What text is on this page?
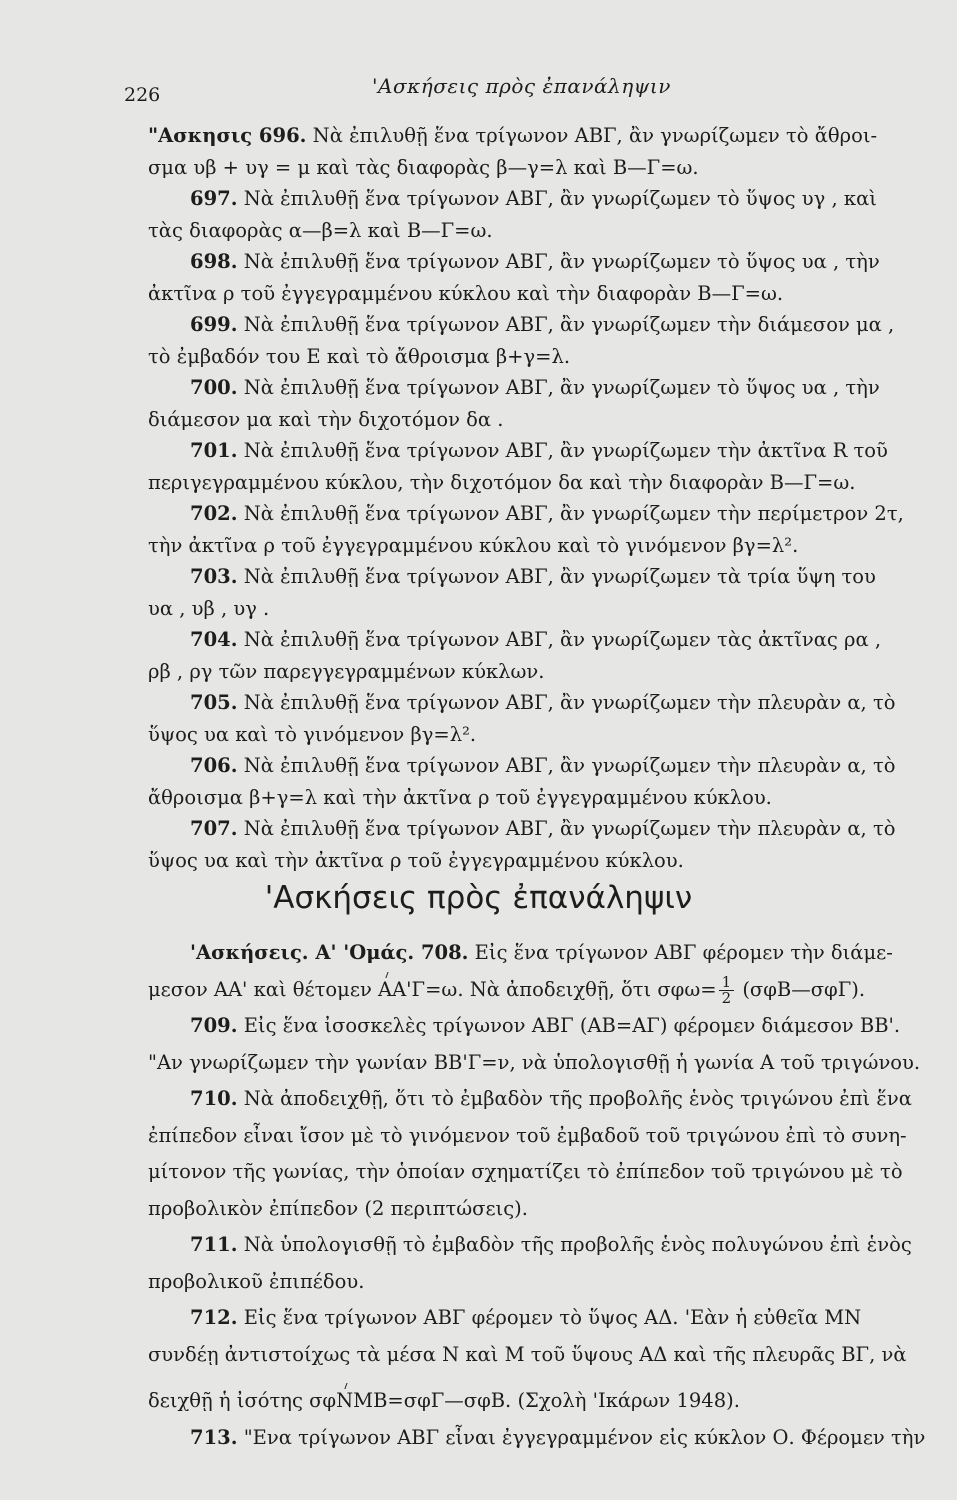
226	'Ασκήσεις πρὸς ἐπανάληψιν
"Ασκησις 696. Νὰ ἐπιλυθῇ ἕνα τρίγωνον ΑΒΓ, ἂν γνωρίζωμεν τὸ ἄθροι-
σμα υβ + υγ = μ καὶ τὰς διαφορὰς β—γ=λ καὶ Β—Γ=ω.
697. Νὰ ἐπιλυθῇ ἕνα τρίγωνον ΑΒΓ, ἂν γνωρίζωμεν τὸ ὕψος υγ , καὶ
τὰς διαφορὰς α—β=λ καὶ Β—Γ=ω.
698. Νὰ ἐπιλυθῇ ἕνα τρίγωνον ΑΒΓ, ἂν γνωρίζωμεν τὸ ὕψος υα , τὴν
ἀκτῖνα ρ τοῦ ἐγγεγραμμένου κύκλου καὶ τὴν διαφορὰν Β—Γ=ω.
699. Νὰ ἐπιλυθῇ ἕνα τρίγωνον ΑΒΓ, ἂν γνωρίζωμεν τὴν διάμεσον μα ,
τὸ ἐμβαδόν του Ε καὶ τὸ ἄθροισμα β+γ=λ.
700. Νὰ ἐπιλυθῇ ἕνα τρίγωνον ΑΒΓ, ἂν γνωρίζωμεν τὸ ὕψος υα , τὴν
διάμεσον μα καὶ τὴν διχοτόμον δα .
701. Νὰ ἐπιλυθῇ ἕνα τρίγωνον ΑΒΓ, ἂν γνωρίζωμεν τὴν ἀκτῖνα R τοῦ
περιγεγραμμένου κύκλου, τὴν διχοτόμον δα καὶ τὴν διαφορὰν Β—Γ=ω.
702. Νὰ ἐπιλυθῇ ἕνα τρίγωνον ΑΒΓ, ἂν γνωρίζωμεν τὴν περίμετρον 2τ,
τὴν ἀκτῖνα ρ τοῦ ἐγγεγραμμένου κύκλου καὶ τὸ γινόμενον βγ=λ².
703. Νὰ ἐπιλυθῇ ἕνα τρίγωνον ΑΒΓ, ἂν γνωρίζωμεν τὰ τρία ὕψη του
υα , υβ , υγ .
704. Νὰ ἐπιλυθῇ ἕνα τρίγωνον ΑΒΓ, ἂν γνωρίζωμεν τὰς ἀκτῖνας ρα ,
ρβ , ργ τῶν παρεγγεγραμμένων κύκλων.
705. Νὰ ἐπιλυθῇ ἕνα τρίγωνον ΑΒΓ, ἂν γνωρίζωμεν τὴν πλευρὰν α, τὸ
ὕψος υα καὶ τὸ γινόμενον βγ=λ².
706. Νὰ ἐπιλυθῇ ἕνα τρίγωνον ΑΒΓ, ἂν γνωρίζωμεν τὴν πλευρὰν α, τὸ
ἄθροισμα β+γ=λ καὶ τὴν ἀκτῖνα ρ τοῦ ἐγγεγραμμένου κύκλου.
707. Νὰ ἐπιλυθῇ ἕνα τρίγωνον ΑΒΓ, ἂν γνωρίζωμεν τὴν πλευρὰν α, τὸ
ὕψος υα καὶ τὴν ἀκτῖνα ρ τοῦ ἐγγεγραμμένου κύκλου.
'Ασκήσεις πρὸς ἐπανάληψιν
'Ασκήσεις. Α' 'Ομάς. 708. Εἰς ἕνα τρίγωνον ΑΒΓ φέρομεν τὴν διάμε-
μεσον ΑΑ' καὶ θέτομεν ΑΑ'Γ=ω. Νὰ ἀποδειχθῇ, ὅτι $\sigma\varphi\omega= \frac{1}{2}$ (σφΒ—σφΓ).
709. Εἰς ἕνα ἰσοσκελὲς τρίγωνον ΑΒΓ (ΑΒ=ΑΓ) φέρομεν διάμεσον ΒΒ'.
"Αν γνωρίζωμεν τὴν γωνίαν ΒΒ'Γ=ν, νὰ ὑπολογισθῇ ἡ γωνία Α τοῦ τριγώνου.
710. Νὰ ἀποδειχθῇ, ὅτι τὸ ἐμβαδὸν τῆς προβολῆς ἑνὸς τριγώνου ἐπὶ ἕνα
ἐπίπεδον εἶναι ἴσον μὲ τὸ γινόμενον τοῦ ἐμβαδοῦ τοῦ τριγώνου ἐπὶ τὸ συνη-
μίτονον τῆς γωνίας, τὴν ὁποίαν σχηματίζει τὸ ἐπίπεδον τοῦ τριγώνου μὲ τὸ
προβολικὸν ἐπίπεδον (2 περιπτώσεις).
711. Νὰ ὑπολογισθῇ τὸ ἐμβαδὸν τῆς προβολῆς ἑνὸς πολυγώνου ἐπὶ ἑνὸς
προβολικοῦ ἐπιπέδου.
712. Εἰς ἕνα τρίγωνον ΑΒΓ φέρομεν τὸ ὕψος ΑΔ. 'Εὰν ἡ εὐθεῖα ΜΝ
συνδέῃ ἀντιστοίχως τὰ μέσα Ν καὶ Μ τοῦ ὕψους ΑΔ καὶ τῆς πλευρᾶς ΒΓ, νὰ
δειχθῇ ἡ ἰσότης σφΝΜΒ=σφΓ—σφΒ. (Σχολὴ 'Ικάρων 1948).
713. "Ενα τρίγωνον ΑΒΓ εἶναι ἐγγεγραμμένον εἰς κύκλον Ο. Φέρομεν τὴν
